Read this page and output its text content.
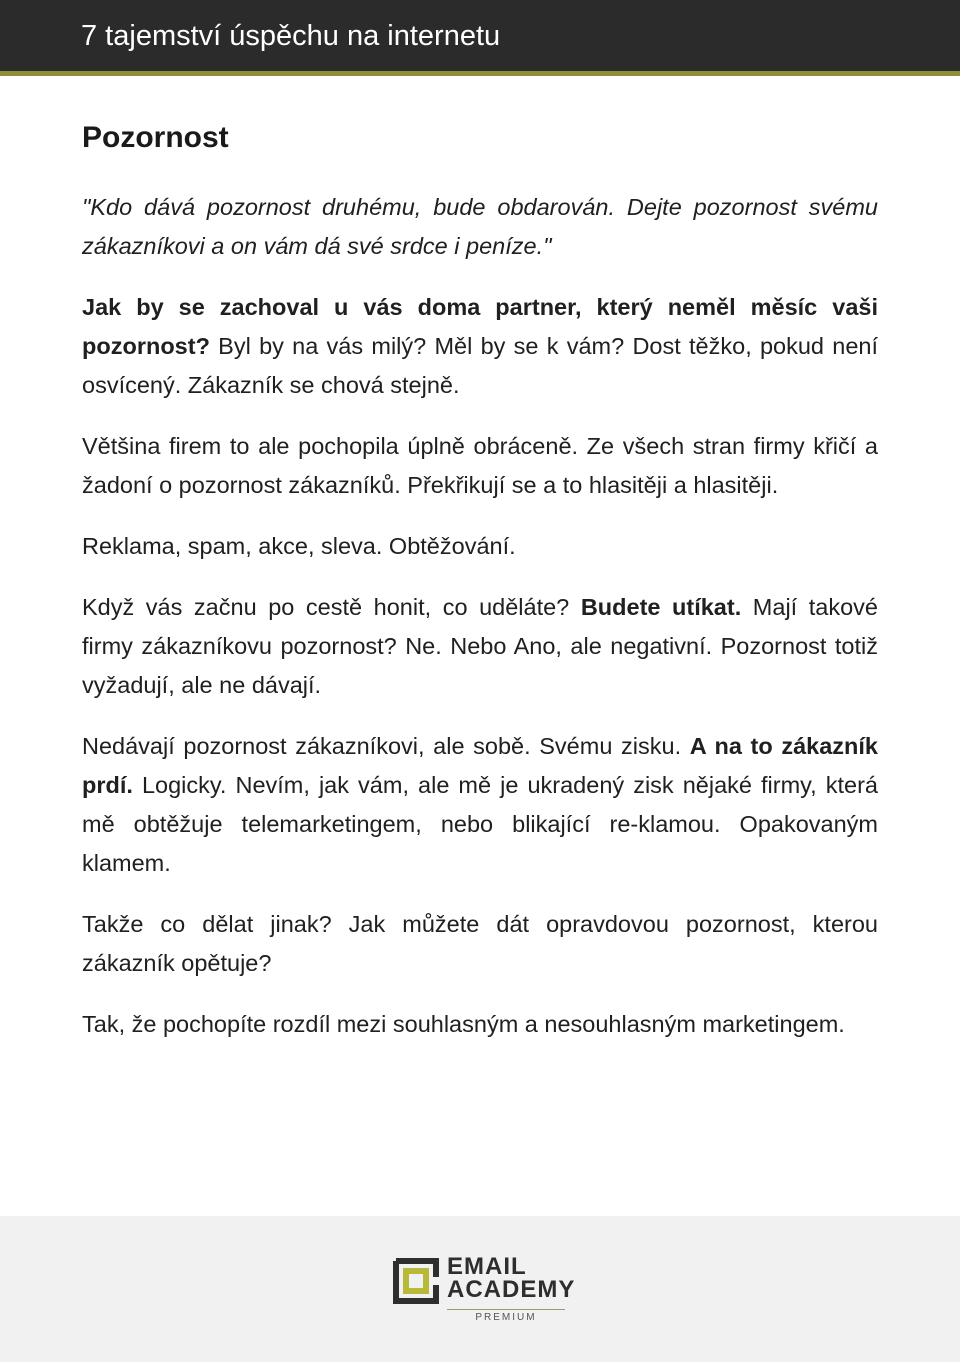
7 tajemství úspěchu na internetu
Pozornost

"Kdo dává pozornost druhému, bude obdarován. Dejte pozornost svému zákazníkovi a on vám dá své srdce i peníze."

Jak by se zachoval u vás doma partner, který neměl měsíc vaši pozornost? Byl by na vás milý? Měl by se k vám? Dost těžko, pokud není osvícený. Zákazník se chová stejně.

Většina firem to ale pochopila úplně obráceně. Ze všech stran firmy křičí a žadoní o pozornost zákazníků. Překřikují se a to hlasitěji a hlasitěji.

Reklama, spam, akce, sleva. Obtěžování.

Když vás začnu po cestě honit, co uděláte? Budete utíkat. Mají takové firmy zákazníkovu pozornost? Ne. Nebo Ano, ale negativní. Pozornost totiž vyžadují, ale ne dávají.

Nedávají pozornost zákazníkovi, ale sobě. Svému zisku. A na to zákazník prdí. Logicky. Nevím, jak vám, ale mě je ukradený zisk nějaké firmy, která mě obtěžuje telemarketingem, nebo blikající re-klamou. Opakovaným klamem.

Takže co dělat jinak? Jak můžete dát opravdovou pozornost, kterou zákazník opětuje?

Tak, že pochopíte rozdíl mezi souhlasným a nesouhlasným marketingem.

EMAIL
ACADEMY
PREMIUM
